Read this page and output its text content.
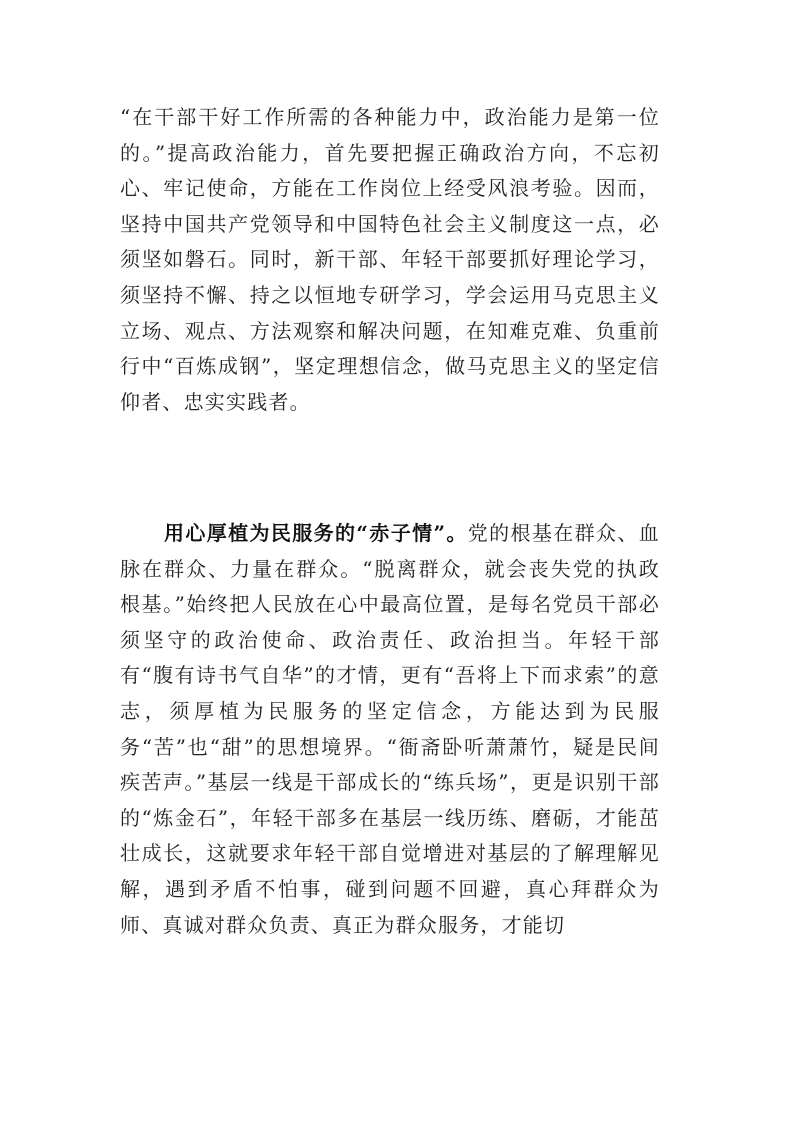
“在干部干好工作所需的各种能力中，政治能力是第一位的。”提高政治能力，首先要把握正确政治方向，不忘初心、牢记使命，方能在工作岗位上经受风浪考验。因而，坚持中国共产党领导和中国特色社会主义制度这一点，必须坚如磐石。同时，新干部、年轻干部要抓好理论学习，须坚持不懈、持之以恒地专研学习，学会运用马克思主义立场、观点、方法观察和解决问题，在知难克难、负重前行中“百炼成钢”，坚定理想信念，做马克思主义的坚定信仰者、忠实实践者。

用心厚植为民服务的“赤子情”。党的根基在群众、血脉在群众、力量在群众。“脱离群众，就会丧失党的执政根基。”始终把人民放在心中最高位置，是每名党员干部必须坚守的政治使命、政治责任、政治担当。年轻干部有“腹有诗书气自华”的才情，更有“吾将上下而求索”的意志，须厚植为民服务的坚定信念，方能达到为民服务“苦”也“甜”的思想境界。“衙斋卧听萧萧竹，疑是民间疾苦声。”基层一线是干部成长的“练兵场”，更是识别干部的“炼金石”，年轻干部多在基层一线历练、磨砺，才能茁壮成长，这就要求年轻干部自觉增进对基层的了解理解见解，遇到矛盾不怕事，碰到问题不回避，真心拜群众为师、真诚对群众负责、真正为群众服务，才能切
